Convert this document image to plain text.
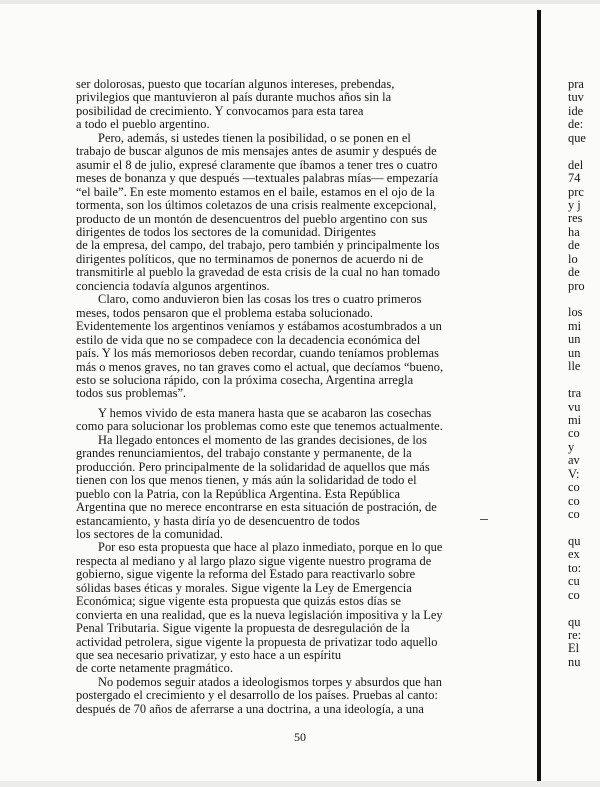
ser dolorosas, puesto que tocarían algunos intereses, prebendas,
privilegios que mantuvieron al país durante muchos años sin la
posibilidad de crecimiento. Y convocamos para esta tarea
a todo el pueblo argentino.

Pero, además, si ustedes tienen la posibilidad, o se ponen en el
trabajo de buscar algunos de mis mensajes antes de asumir y después de
asumir el 8 de julio, expresé claramente que íbamos a tener tres o cuatro
meses de bonanza y que después —textuales palabras mías— empezaría
“el baile”. En este momento estamos en el baile, estamos en el ojo de la
tormenta, son los últimos coletazos de una crisis realmente excepcional,
producto de un montón de desencuentros del pueblo argentino con sus
dirigentes de todos los sectores de la comunidad. Dirigentes
de la empresa, del campo, del trabajo, pero también y principalmente los
dirigentes políticos, que no terminamos de ponernos de acuerdo ni de
transmitirle al pueblo la gravedad de esta crisis de la cual no han tomado
conciencia todavía algunos argentinos.

Claro, como anduvieron bien las cosas los tres o cuatro primeros
meses, todos pensaron que el problema estaba solucionado.
Evidentemente los argentinos veníamos y estábamos acostumbrados a un
estilo de vida que no se compadece con la decadencia económica del
país. Y los más memoriosos deben recordar, cuando teníamos problemas
más o menos graves, no tan graves como el actual, que decíamos “bueno,
esto se soluciona rápido, con la próxima cosecha, Argentina arregla
todos sus problemas”.

Y hemos vivido de esta manera hasta que se acabaron las cosechas
como para solucionar los problemas como este que tenemos actualmente.

Ha llegado entonces el momento de las grandes decisiones, de los
grandes renunciamientos, del trabajo constante y permanente, de la
producción. Pero principalmente de la solidaridad de aquellos que más
tienen con los que menos tienen, y más aún la solidaridad de todo el
pueblo con la Patria, con la República Argentina. Esta República
Argentina que no merece encontrarse en esta situación de postración, de
estancamiento, y hasta diría yo de desencuentro de todos
los sectores de la comunidad.

Por eso esta propuesta que hace al plazo inmediato, porque en lo que
respecta al mediano y al largo plazo sigue vigente nuestro programa de
gobierno, sigue vigente la reforma del Estado para reactivarlo sobre
sólidas bases éticas y morales. Sigue vigente la Ley de Emergencia
Económica; sigue vigente esta propuesta que quizás estos días se
convierta en una realidad, que es la nueva legislación impositiva y la Ley
Penal Tributaria. Sigue vigente la propuesta de desregulación de la
actividad petrolera, sigue vigente la propuesta de privatizar todo aquello
que sea necesario privatizar, y esto hace a un espíritu
de corte netamente pragmático.

No podemos seguir atados a ideologismos torpes y absurdos que han
postergado el crecimiento y el desarrollo de los países. Pruebas al canto:
después de 70 años de aferrarse a una doctrina, a una ideología, a una

50
pra
tuv
ide
de:
que
del
74
prc
y j
res
ha
de
lo
de
pro
los
mi
un
un
lle
tra
vu
mi
co
y
av
V:
co
co
co
qu
ex
to:
cu
co
qu
re:
El
nu
